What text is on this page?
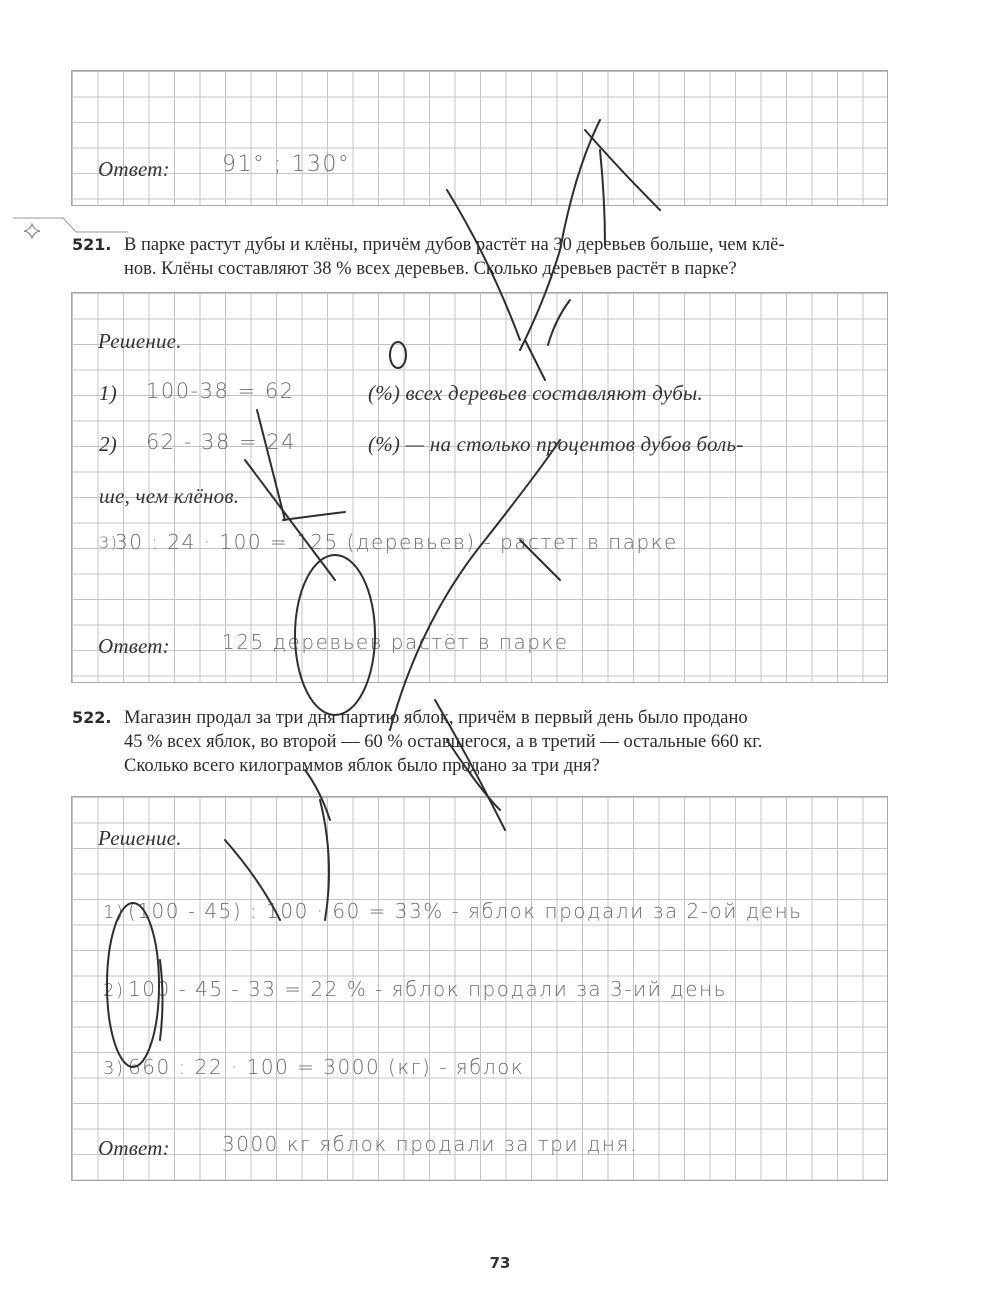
Ответ: 91° ; 130°
521. В парке растут дубы и клёны, причём дубов растёт на 30 деревьев больше, чем клё-
нов. Клёны составляют 38 % всех деревьев. Сколько деревьев растёт в парке?
Решение.
1) 100-38 = 62	(%) всех деревьев составляют дубы.
2) 62 - 38 = 24	(%) — на столько процентов дубов боль-
ше, чем клёнов.
3)
30 : 24 · 100 = 125 (деревьев) - растет в парке
Ответ:	125 деревьев растёт в парке
522. Магазин продал за три дня партию яблок, причём в первый день было продано
45 % всех яблок, во второй — 60 % оставшегося, а в третий — остальные 660 кг.
Сколько всего килограммов яблок было продано за три дня?
Решение.
1) (100 - 45) : 100 · 60 = 33% - яблок продали за 2-ой день
2) 100 - 45 - 33 = 22 % - яблок продали за 3-ий день
3) 660 : 22 · 100 = 3000 (кг) - яблок
Ответ:	3000 кг яблок продали за три дня.
73
